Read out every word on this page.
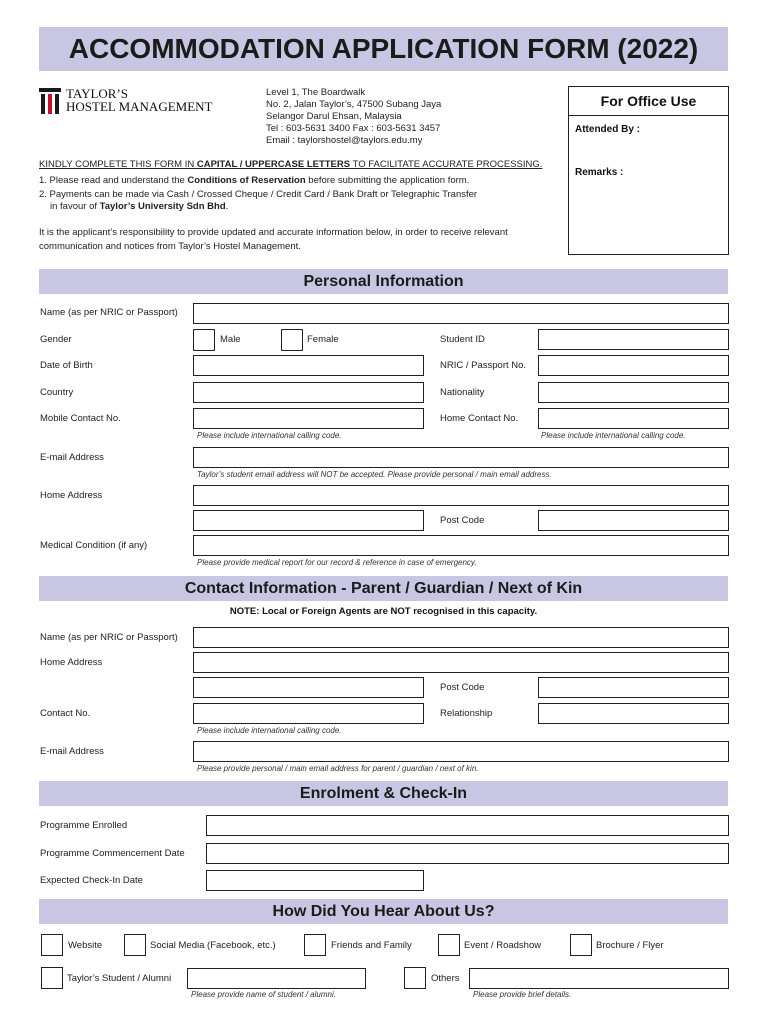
ACCOMMODATION APPLICATION FORM (2022)
TAYLOR’S
HOSTEL MANAGEMENT
Level 1, The Boardwalk
No. 2, Jalan Taylor’s, 47500 Subang Jaya
Selangor Darul Ehsan, Malaysia
Tel : 603-5631 3400 Fax : 603-5631 3457
Email : taylorshostel@taylors.edu.my
For Office Use
Attended By :
Remarks :
KINDLY COMPLETE THIS FORM IN CAPITAL / UPPERCASE LETTERS TO FACILITATE ACCURATE PROCESSING.
1. Please read and understand the Conditions of Reservation before submitting the application form.
2. Payments can be made via Cash / Crossed Cheque / Credit Card / Bank Draft or Telegraphic Transfer
in favour of Taylor’s University Sdn Bhd.
It is the applicant’s responsibility to provide updated and accurate information below, in order to receive relevant
communication and notices from Taylor’s Hostel Management.
Personal Information
Name (as per NRIC or Passport)
Gender	Male	Female	Student ID
Date of Birth	NRIC / Passport No.
Country	Nationality
Mobile Contact No.	Home Contact No.
Please include international calling code.	Please include international calling code.
E-mail Address
Taylor’s student email address will NOT be accepted. Please provide personal / main email address.
Home Address
Post Code
Medical Condition (if any)
Please provide medical report for our record & reference in case of emergency.
Contact Information - Parent / Guardian / Next of Kin
NOTE: Local or Foreign Agents are NOT recognised in this capacity.
Name (as per NRIC or Passport)
Home Address
Post Code
Contact No.	Relationship
Please include international calling code.
E-mail Address
Please provide personal / main email address for parent / guardian / next of kin.
Enrolment & Check-In
Programme Enrolled
Programme Commencement Date
Expected Check-In Date
How Did You Hear About Us?
Website	Social Media (Facebook, etc.)	Friends and Family	Event / Roadshow	Brochure / Flyer
Taylor’s Student / Alumni
Please provide name of student / alumni.
Others
Please provide brief details.
